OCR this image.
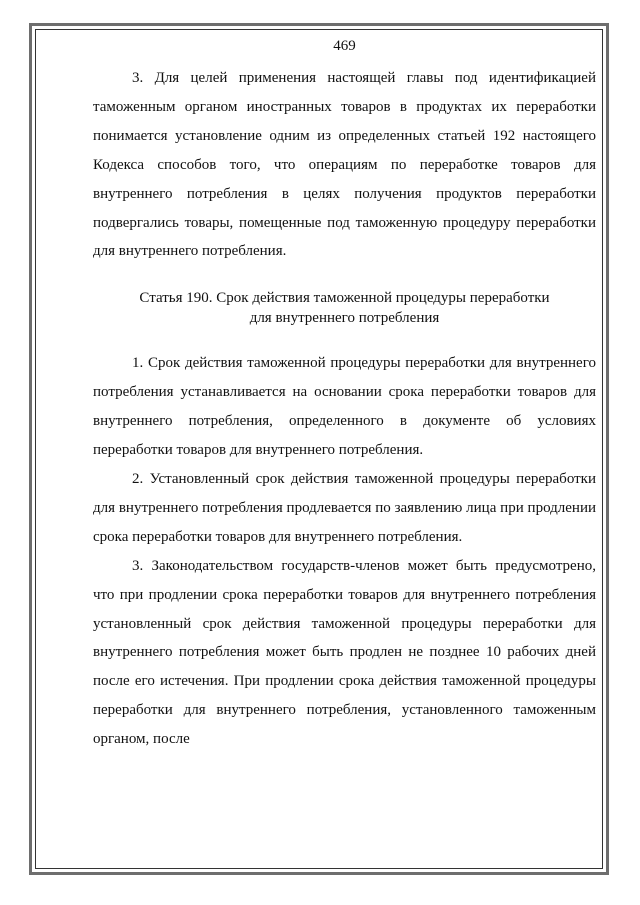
469

3. Для целей применения настоящей главы под идентификацией таможенным органом иностранных товаров в продуктах их переработки понимается установление одним из определенных статьей 192 настоящего Кодекса способов того, что операциям по переработке товаров для внутреннего потребления в целях получения продуктов переработки подвергались товары, помещенные под таможенную процедуру переработки для внутреннего потребления.

Статья 190. Срок действия таможенной процедуры переработки
для внутреннего потребления

1. Срок действия таможенной процедуры переработки для внутреннего потребления устанавливается на основании срока переработки товаров для внутреннего потребления, определенного в документе об условиях переработки товаров для внутреннего потребления.

2. Установленный срок действия таможенной процедуры переработки для внутреннего потребления продлевается по заявлению лица при продлении срока переработки товаров для внутреннего потребления.

3. Законодательством государств-членов может быть предусмотрено, что при продлении срока переработки товаров для внутреннего потребления установленный срок действия таможенной процедуры переработки для внутреннего потребления может быть продлен не позднее 10 рабочих дней после его истечения. При продлении срока действия таможенной процедуры переработки для внутреннего потребления, установленного таможенным органом, после
